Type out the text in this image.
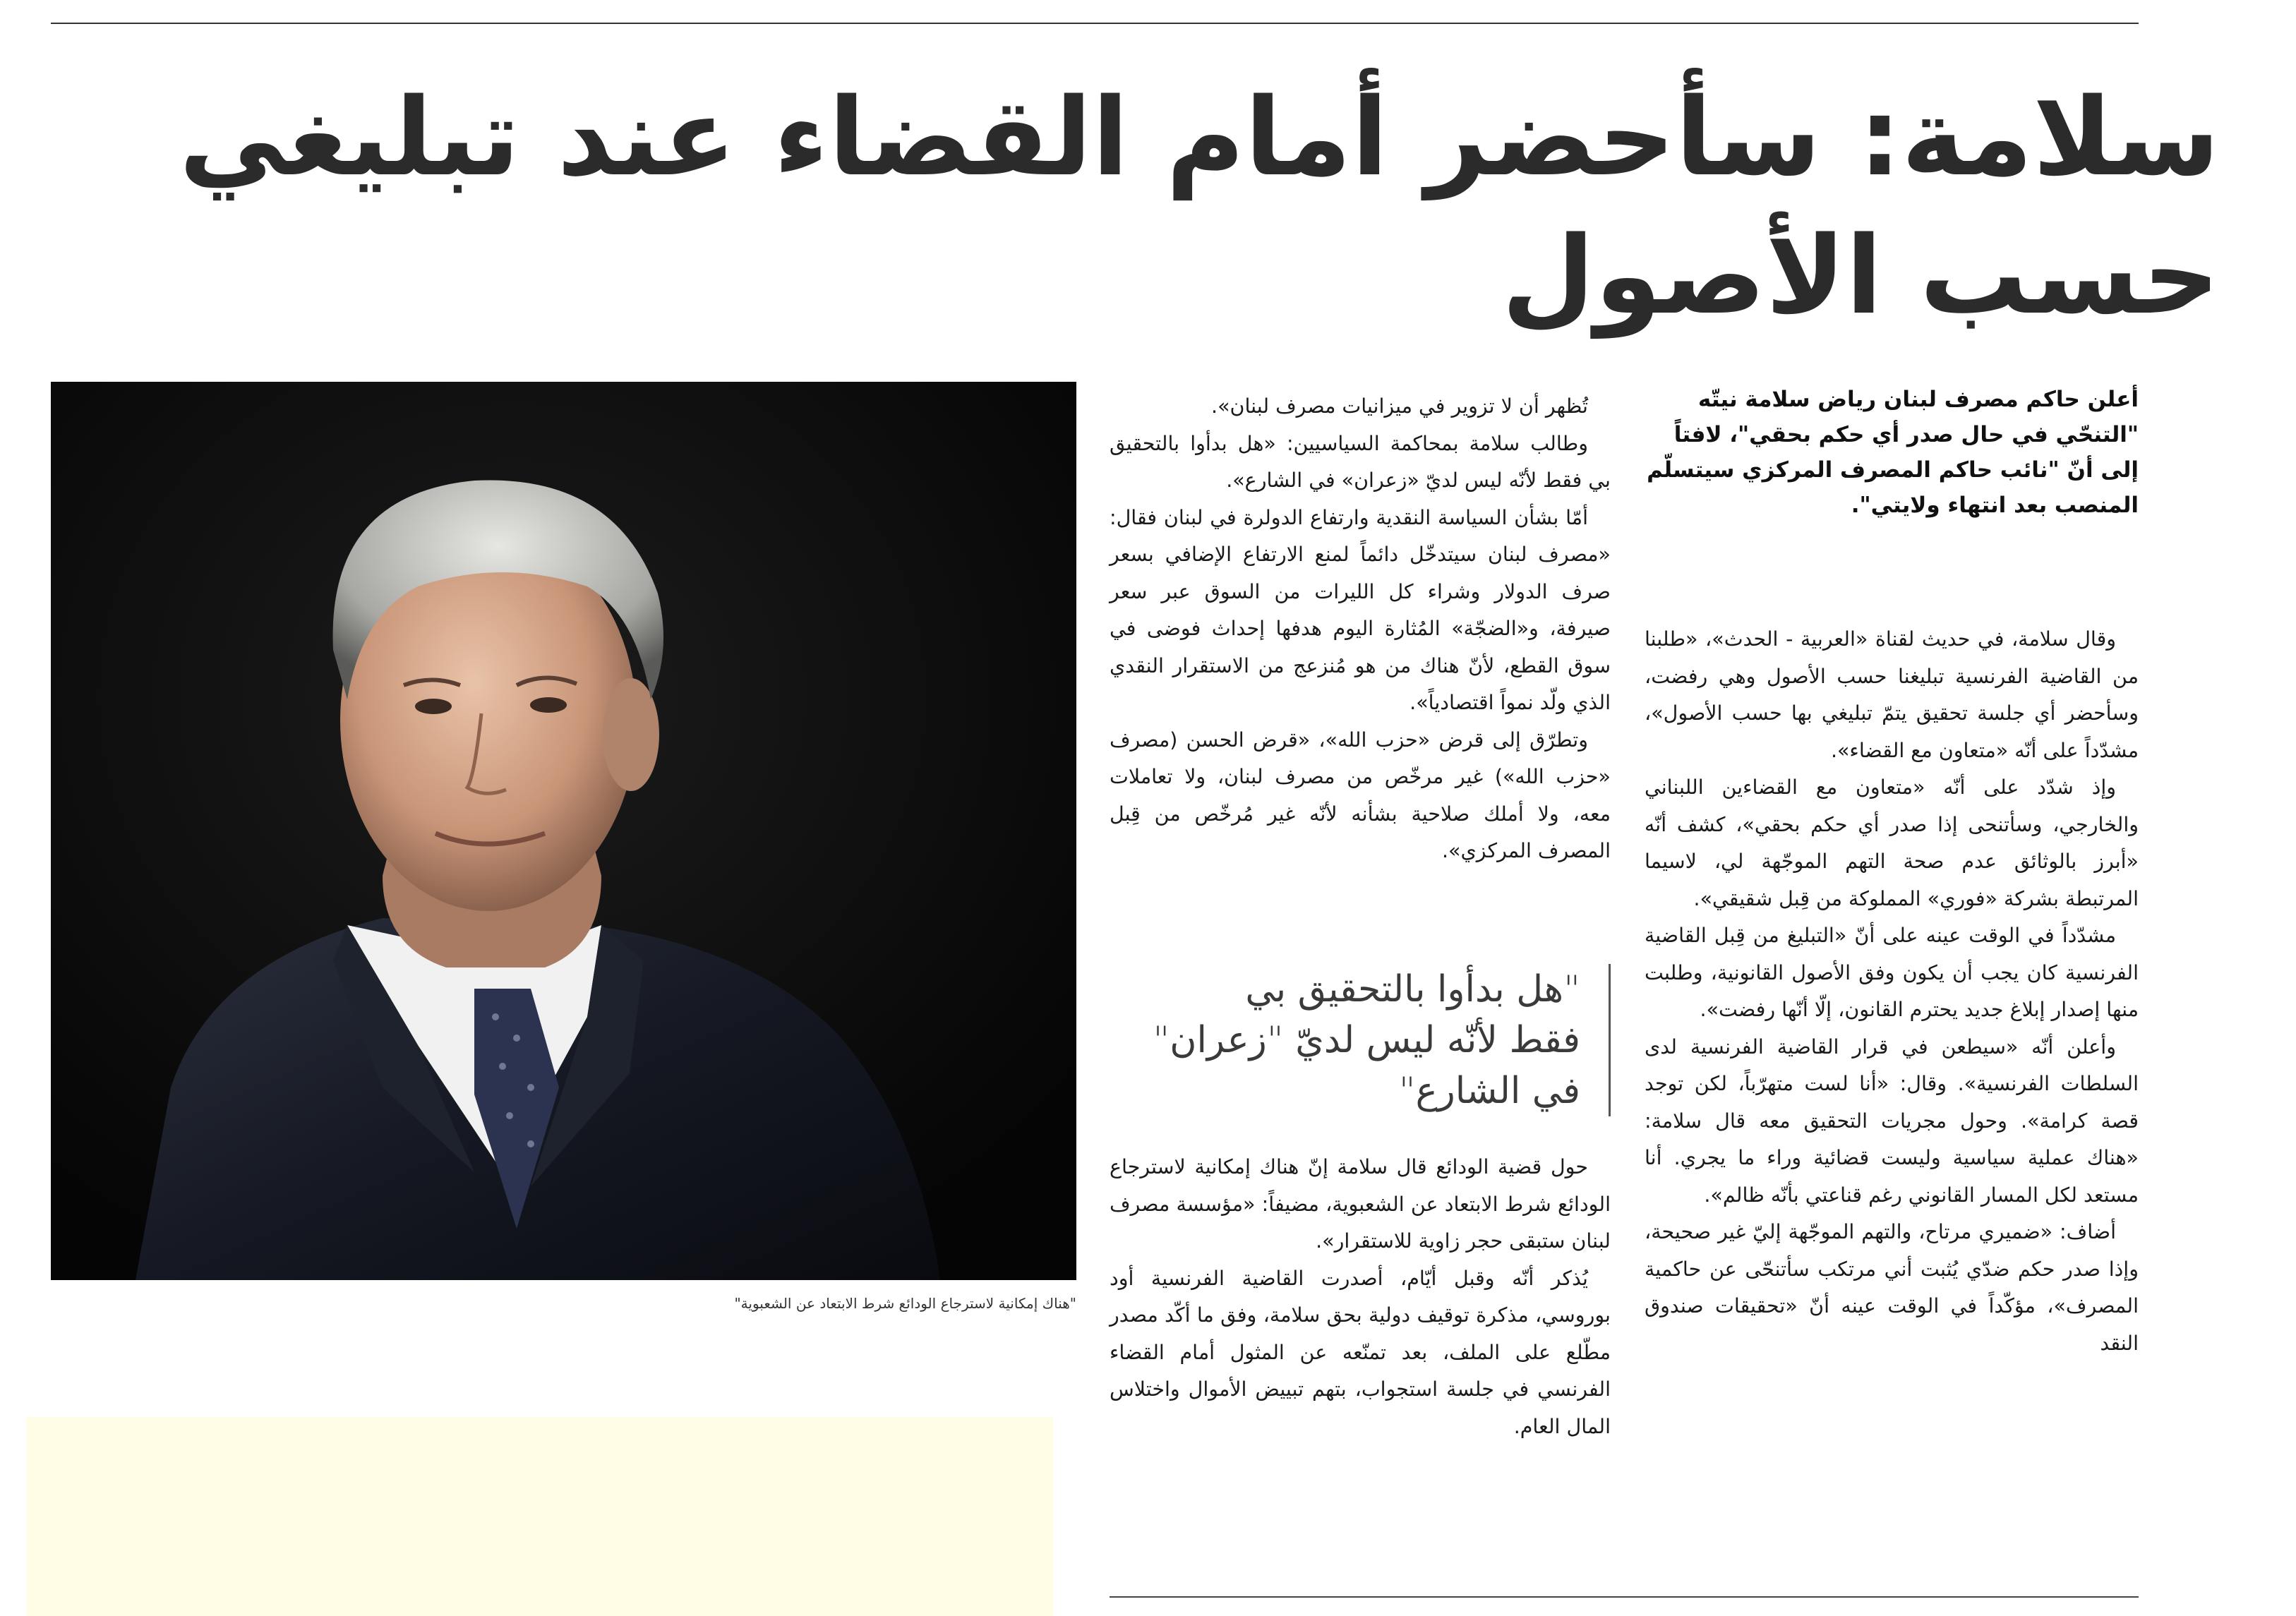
سلامة: سأحضر أمام القضاء عند تبليغي
حسب الأصول
أعلن حاكم مصرف لبنان رياض سلامة نيتّه "التنحّي في حال صدر أي حكم بحقي"، لافتاً إلى أنّ "نائب حاكم المصرف المركزي سيتسلّم المنصب بعد انتهاء ولايتي".

وقال سلامة، في حديث لقناة «العربية - الحدث»، «طلبنا من القاضية الفرنسية تبليغنا حسب الأصول وهي رفضت، وسأحضر أي جلسة تحقيق يتمّ تبليغي بها حسب الأصول»، مشدّداً على أنّه «متعاون مع القضاء».

وإذ شدّد على أنّه «متعاون مع القضاءين اللبناني والخارجي، وسأتنحى إذا صدر أي حكم بحقي»، كشف أنّه «أبرز بالوثائق عدم صحة التهم الموجّهة لي، لاسيما المرتبطة بشركة «فوري» المملوكة من قِبل شقيقي».

مشدّداً في الوقت عينه على أنّ «التبليغ من قِبل القاضية الفرنسية كان يجب أن يكون وفق الأصول القانونية، وطلبت منها إصدار إبلاغ جديد يحترم القانون، إلّا أنّها رفضت».

وأعلن أنّه «سيطعن في قرار القاضية الفرنسية لدى السلطات الفرنسية». وقال: «أنا لست متهرّباً، لكن توجد قصة كرامة». وحول مجريات التحقيق معه قال سلامة: «هناك عملية سياسية وليست قضائية وراء ما يجري. أنا مستعد لكل المسار القانوني رغم قناعتي بأنّه ظالم».

أضاف: «ضميري مرتاح، والتهم الموجّهة إليّ غير صحيحة، وإذا صدر حكم ضدّي يُثبت أني مرتكب سأتنحّى عن حاكمية المصرف»، مؤكّداً في الوقت عينه أنّ «تحقيقات صندوق النقد

تُظهر أن لا تزوير في ميزانيات مصرف لبنان».

وطالب سلامة بمحاكمة السياسيين: «هل بدأوا بالتحقيق بي فقط لأنّه ليس لديّ «زعران» في الشارع».

أمّا بشأن السياسة النقدية وارتفاع الدولرة في لبنان فقال: «مصرف لبنان سيتدخّل دائماً لمنع الارتفاع الإضافي بسعر صرف الدولار وشراء كل الليرات من السوق عبر سعر صيرفة، و«الضجّة» المُثارة اليوم هدفها إحداث فوضى في سوق القطع، لأنّ هناك من هو مُنزعج من الاستقرار النقدي الذي ولّد نمواً اقتصادياً».

وتطرّق إلى قرض «حزب الله»، «قرض الحسن (مصرف «حزب الله») غير مرخّص من مصرف لبنان، ولا تعاملات معه، ولا أملك صلاحية بشأنه لأنّه غير مُرخّص من قِبل المصرف المركزي».

"هل بدأوا بالتحقيق بي
فقط لأنّه ليس لديّ "زعران"
في الشارع"

حول قضية الودائع قال سلامة إنّ هناك إمكانية لاسترجاع الودائع شرط الابتعاد عن الشعبوية، مضيفاً: «مؤسسة مصرف لبنان ستبقى حجر زاوية للاستقرار».

يُذكر أنّه وقبل أيّام، أصدرت القاضية الفرنسية أود بوروسي، مذكرة توقيف دولية بحق سلامة، وفق ما أكّد مصدر مطّلع على الملف، بعد تمنّعه عن المثول أمام القضاء الفرنسي في جلسة استجواب، بتهم تبييض الأموال واختلاس المال العام.

"هناك إمكانية لاسترجاع الودائع شرط الابتعاد عن الشعبوية"
